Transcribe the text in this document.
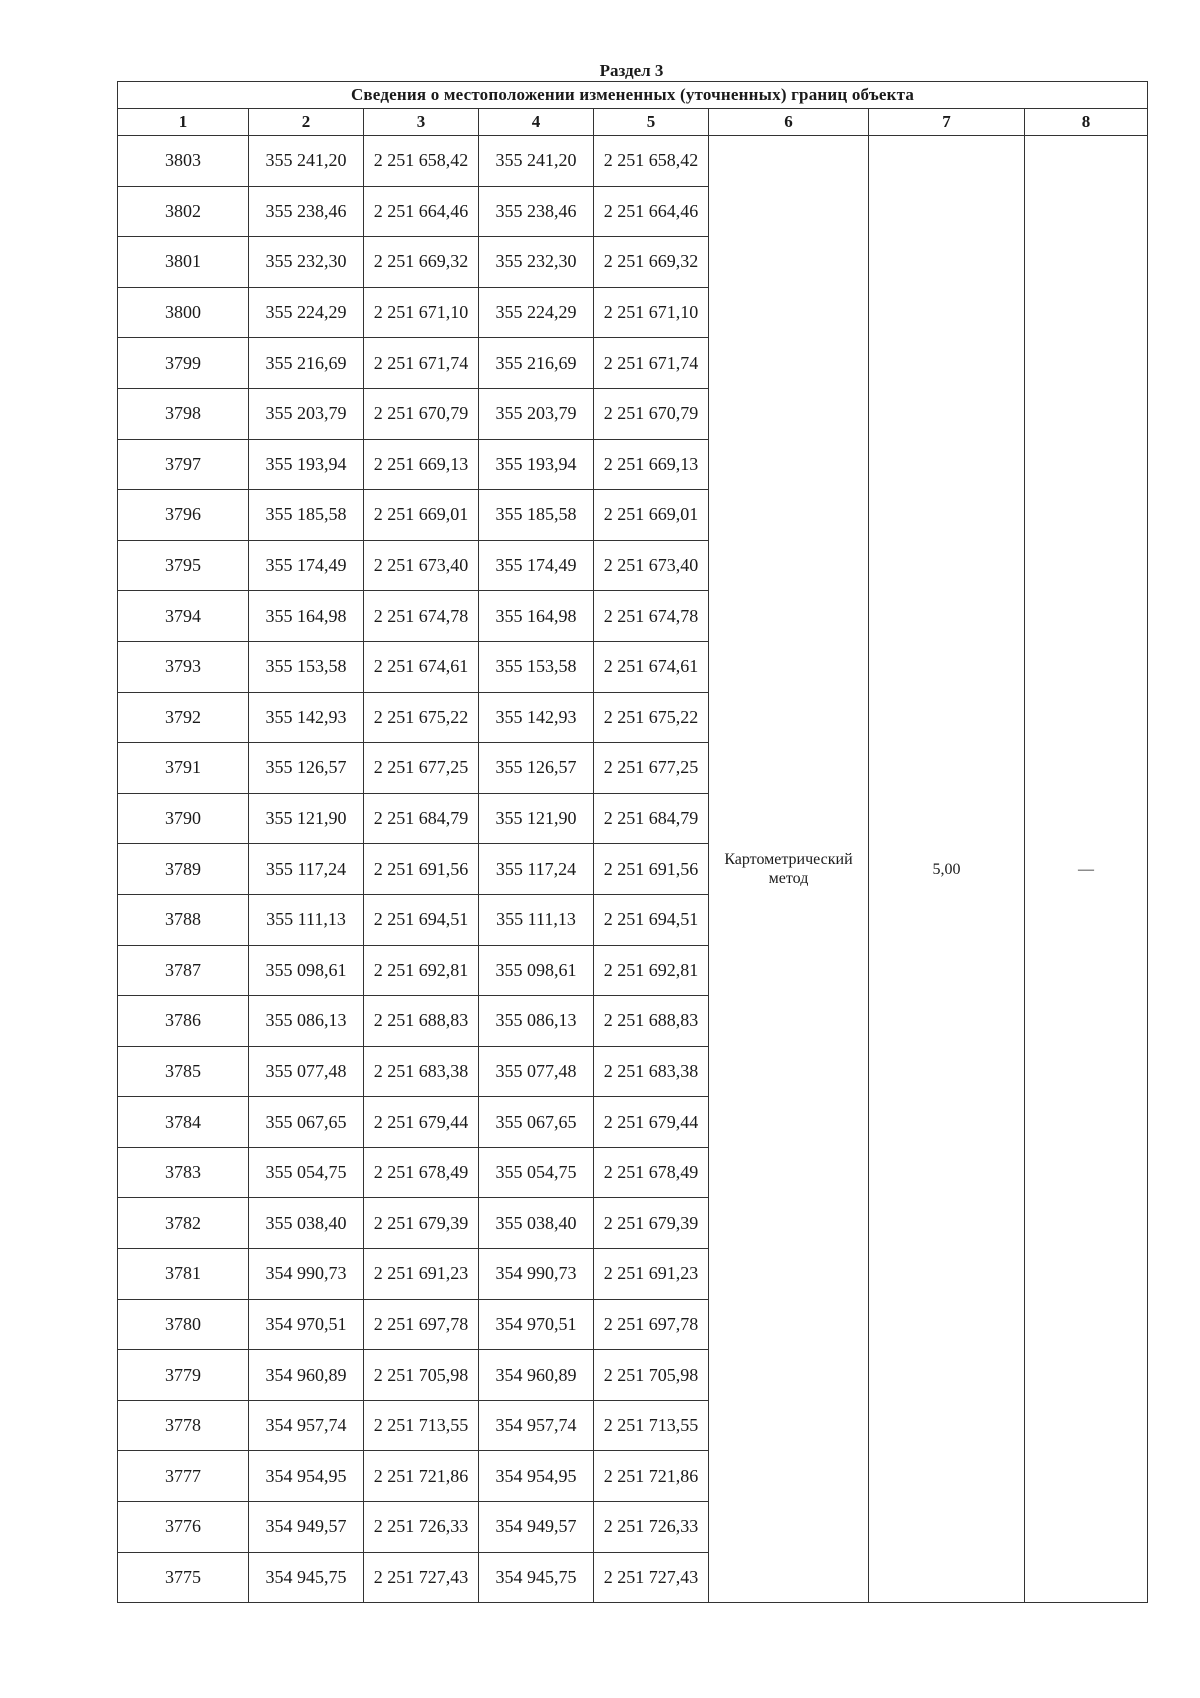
Раздел 3
Сведения о местоположении измененных (уточненных) границ объекта							
1	2	3	4	5	6	7	8
3803	355 241,20	2 251 658,42	355 241,20	2 251 658,42	Картометрический
метод	5,00	—
3802	355 238,46	2 251 664,46	355 238,46	2 251 664,46			
3801	355 232,30	2 251 669,32	355 232,30	2 251 669,32			
3800	355 224,29	2 251 671,10	355 224,29	2 251 671,10			
3799	355 216,69	2 251 671,74	355 216,69	2 251 671,74			
3798	355 203,79	2 251 670,79	355 203,79	2 251 670,79			
3797	355 193,94	2 251 669,13	355 193,94	2 251 669,13			
3796	355 185,58	2 251 669,01	355 185,58	2 251 669,01			
3795	355 174,49	2 251 673,40	355 174,49	2 251 673,40			
3794	355 164,98	2 251 674,78	355 164,98	2 251 674,78			
3793	355 153,58	2 251 674,61	355 153,58	2 251 674,61			
3792	355 142,93	2 251 675,22	355 142,93	2 251 675,22			
3791	355 126,57	2 251 677,25	355 126,57	2 251 677,25			
3790	355 121,90	2 251 684,79	355 121,90	2 251 684,79			
3789	355 117,24	2 251 691,56	355 117,24	2 251 691,56			
3788	355 111,13	2 251 694,51	355 111,13	2 251 694,51			
3787	355 098,61	2 251 692,81	355 098,61	2 251 692,81			
3786	355 086,13	2 251 688,83	355 086,13	2 251 688,83			
3785	355 077,48	2 251 683,38	355 077,48	2 251 683,38			
3784	355 067,65	2 251 679,44	355 067,65	2 251 679,44			
3783	355 054,75	2 251 678,49	355 054,75	2 251 678,49			
3782	355 038,40	2 251 679,39	355 038,40	2 251 679,39			
3781	354 990,73	2 251 691,23	354 990,73	2 251 691,23			
3780	354 970,51	2 251 697,78	354 970,51	2 251 697,78			
3779	354 960,89	2 251 705,98	354 960,89	2 251 705,98			
3778	354 957,74	2 251 713,55	354 957,74	2 251 713,55			
3777	354 954,95	2 251 721,86	354 954,95	2 251 721,86			
3776	354 949,57	2 251 726,33	354 949,57	2 251 726,33			
3775	354 945,75	2 251 727,43	354 945,75	2 251 727,43			
